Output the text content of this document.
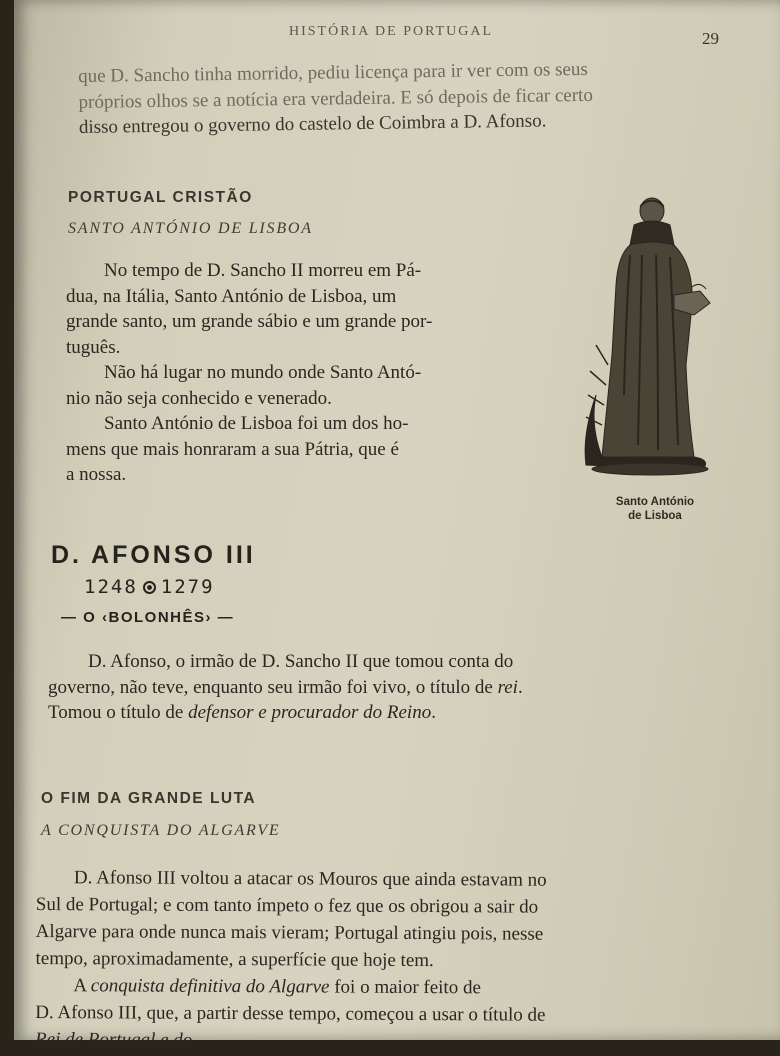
HISTÓRIA DE PORTUGAL	29
que D. Sancho tinha morrido, pediu licença para ir ver com os seus
próprios olhos se a notícia era verdadeira. E só depois de ficar certo
disso entregou o governo do castelo de Coimbra a D. Afonso.
PORTUGAL CRISTÃO
SANTO ANTÓNIO DE LISBOA
No tempo de D. Sancho II morreu em Pá-
dua, na Itália, Santo António de Lisboa, um
grande santo, um grande sábio e um grande por-
tuguês.
Não há lugar no mundo onde Santo Antó-
nio não seja conhecido e venerado.
Santo António de Lisboa foi um dos ho-
mens que mais honraram a sua Pátria, que é
a nossa.
Santo António
de Lisboa
D. AFONSO III
1248 1279
— O ‹BOLONHÊS› —
D. Afonso, o irmão de D. Sancho II que tomou conta do
governo, não teve, enquanto seu irmão foi vivo, o título de rei.
Tomou o título de defensor e procurador do Reino.
O FIM DA GRANDE LUTA
A CONQUISTA DO ALGARVE
D. Afonso III voltou a atacar os Mouros que ainda estavam no
Sul de Portugal; e com tanto ímpeto o fez que os obrigou a sair do
Algarve para onde nunca mais vieram; Portugal atingiu pois, nesse
tempo, aproximadamente, a superfície que hoje tem.
A conquista definitiva do Algarve foi o maior feito de
D. Afonso III, que, a partir desse tempo, começou a usar o título de
Rei de Portugal e do
